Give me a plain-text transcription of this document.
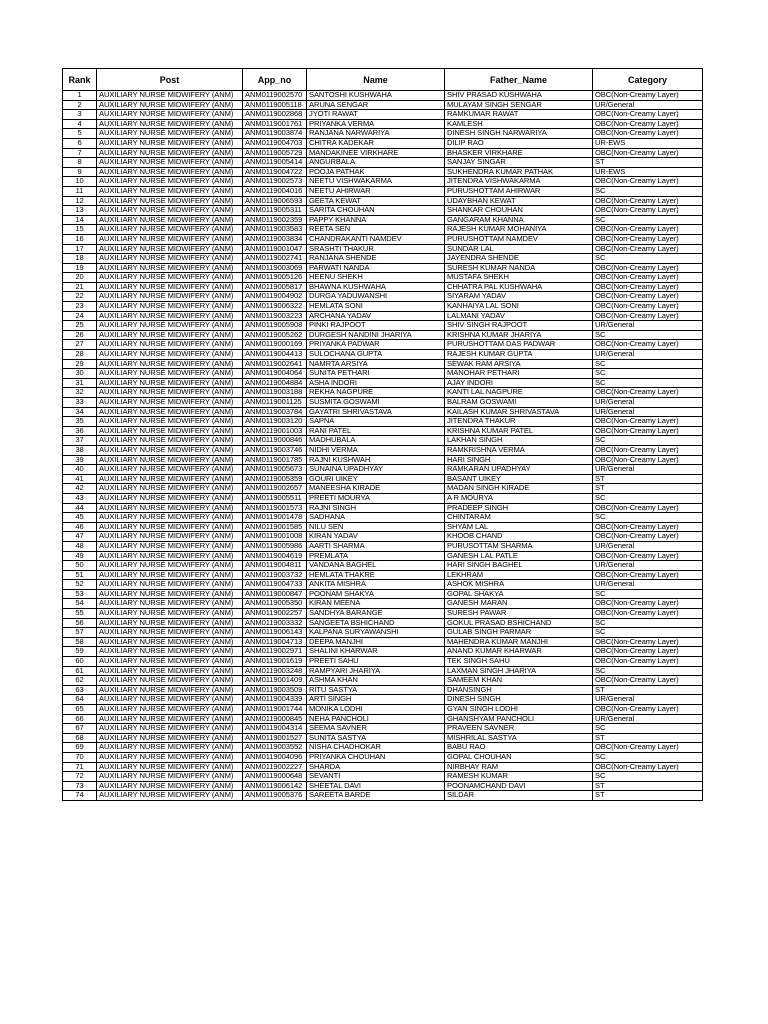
Rank	Post	App_no	Name	Father_Name	Category
1	AUXILIARY NURSE MIDWIFERY (ANM)	ANM0119002570	SANTOSHI KUSHWAHA	SHIV PRASAD KUSHWAHA	OBC(Non-Creamy Layer)
2	AUXILIARY NURSE MIDWIFERY (ANM)	ANM0119005118	ARUNA SENGAR	MULAYAM SINGH SENGAR	UR/General
3	AUXILIARY NURSE MIDWIFERY (ANM)	ANM0119002868	JYOTI RAWAT	RAMKUMAR RAWAT	OBC(Non-Creamy Layer)
4	AUXILIARY NURSE MIDWIFERY (ANM)	ANM0119001761	PRIYANKA VERMA	KAMLESH	OBC(Non-Creamy Layer)
5	AUXILIARY NURSE MIDWIFERY (ANM)	ANM0119003874	RANJANA NARWARIYA	DINESH SINGH NARWARIYA	OBC(Non-Creamy Layer)
6	AUXILIARY NURSE MIDWIFERY (ANM)	ANM0119004703	CHITRA KADEKAR	DILIP RAO	UR-EWS
7	AUXILIARY NURSE MIDWIFERY (ANM)	ANM0119005729	MANDAKINEE VIRKHARE	BHASKER VIRKHARE	OBC(Non-Creamy Layer)
8	AUXILIARY NURSE MIDWIFERY (ANM)	ANM0119005414	ANGURBALA	SANJAY SINGAR	ST
9	AUXILIARY NURSE MIDWIFERY (ANM)	ANM0119004722	POOJA PATHAK	SUKHENDRA KUMAR PATHAK	UR-EWS
10	AUXILIARY NURSE MIDWIFERY (ANM)	ANM0119002573	NEETU VISHWAKARMA	JITENDRA VISHWAKARMA	OBC(Non-Creamy Layer)
11	AUXILIARY NURSE MIDWIFERY (ANM)	ANM0119004016	NEETU AHIRWAR	PURUSHOTTAM AHIRWAR	SC
12	AUXILIARY NURSE MIDWIFERY (ANM)	ANM0119006593	GEETA KEWAT	UDAYBHAN KEWAT	OBC(Non-Creamy Layer)
13	AUXILIARY NURSE MIDWIFERY (ANM)	ANM0119005311	SARITA CHOUHAN	SHANKAR CHOUHAN	OBC(Non-Creamy Layer)
14	AUXILIARY NURSE MIDWIFERY (ANM)	ANM0119002359	PAPPY KHANNA	GANGARAM KHANNA	SC
15	AUXILIARY NURSE MIDWIFERY (ANM)	ANM0119003583	REETA SEN	RAJESH KUMAR MOHANIYA	OBC(Non-Creamy Layer)
16	AUXILIARY NURSE MIDWIFERY (ANM)	ANM0119003834	CHANDRAKANTI NAMDEV	PURUSHOTTAM NAMDEV	OBC(Non-Creamy Layer)
17	AUXILIARY NURSE MIDWIFERY (ANM)	ANM0119001047	SRASHTI THAKUR	SUNDAR LAL	OBC(Non-Creamy Layer)
18	AUXILIARY NURSE MIDWIFERY (ANM)	ANM0119002741	RANJANA SHENDE	JAYENDRA SHENDE	SC
19	AUXILIARY NURSE MIDWIFERY (ANM)	ANM0119003069	PARWATI NANDA	SURESH KUMAR NANDA	OBC(Non-Creamy Layer)
20	AUXILIARY NURSE MIDWIFERY (ANM)	ANM0119005126	HEENU SHEKH	MUSTAFA SHEKH	OBC(Non-Creamy Layer)
21	AUXILIARY NURSE MIDWIFERY (ANM)	ANM0119005817	BHAWNA KUSHWAHA	CHHATRA PAL KUSHWAHA	OBC(Non-Creamy Layer)
22	AUXILIARY NURSE MIDWIFERY (ANM)	ANM0119004902	DURGA YADUWANSHI	SIYARAM YADAV	OBC(Non-Creamy Layer)
23	AUXILIARY NURSE MIDWIFERY (ANM)	ANM0119006322	HEMLATA SONI	KANHAIYA LAL SONI	OBC(Non-Creamy Layer)
24	AUXILIARY NURSE MIDWIFERY (ANM)	ANM0119003223	ARCHANA YADAV	LALMANI YADAV	OBC(Non-Creamy Layer)
25	AUXILIARY NURSE MIDWIFERY (ANM)	ANM0119005908	PINKI RAJPOOT	SHIV SINGH RAJPOOT	UR/General
26	AUXILIARY NURSE MIDWIFERY (ANM)	ANM0119005262	DURGESH NANDINI JHARIYA	KRISHNA KUMAR JHARIYA	SC
27	AUXILIARY NURSE MIDWIFERY (ANM)	ANM0119000169	PRIYANKA PADWAR	PURUSHOTTAM DAS PADWAR	OBC(Non-Creamy Layer)
28	AUXILIARY NURSE MIDWIFERY (ANM)	ANM0119004413	SULOCHANA GUPTA	RAJESH KUMAR GUPTA	UR/General
29	AUXILIARY NURSE MIDWIFERY (ANM)	ANM0119002641	NAMRTA ARSIYA	SEWAK RAM ARSIYA	SC
30	AUXILIARY NURSE MIDWIFERY (ANM)	ANM0119004064	SUNITA PETHARI	MANOHAR PETHARI	SC
31	AUXILIARY NURSE MIDWIFERY (ANM)	ANM0119004884	ASHA INDORI	AJAY INDORI	SC
32	AUXILIARY NURSE MIDWIFERY (ANM)	ANM0119003188	REKHA NAGPURE	KANTI LAL NAGPURE	OBC(Non-Creamy Layer)
33	AUXILIARY NURSE MIDWIFERY (ANM)	ANM0119001125	SUSMITA GOSWAMI	BALRAM GOSWAMI	UR/General
34	AUXILIARY NURSE MIDWIFERY (ANM)	ANM0119003784	GAYATRI SHRIVASTAVA	KAILASH KUMAR SHRIVASTAVA	UR/General
35	AUXILIARY NURSE MIDWIFERY (ANM)	ANM0119003120	SAPNA	JITENDRA THAKUR	OBC(Non-Creamy Layer)
36	AUXILIARY NURSE MIDWIFERY (ANM)	ANM0119001003	RANI PATEL	KRISHNA KUMAR PATEL	OBC(Non-Creamy Layer)
37	AUXILIARY NURSE MIDWIFERY (ANM)	ANM0119000846	MADHUBALA	LAKHAN SINGH	SC
38	AUXILIARY NURSE MIDWIFERY (ANM)	ANM0119003746	NIDHI VERMA	RAMKRISHNA VERMA	OBC(Non-Creamy Layer)
39	AUXILIARY NURSE MIDWIFERY (ANM)	ANM0119001785	RAJNI KUSHWAH	HARI SINGH	OBC(Non-Creamy Layer)
40	AUXILIARY NURSE MIDWIFERY (ANM)	ANM0119005673	SUNAINA UPADHYAY	RAMKARAN UPADHYAY	UR/General
41	AUXILIARY NURSE MIDWIFERY (ANM)	ANM0119005359	GOURI UIKEY	BASANT UIKEY	ST
42	AUXILIARY NURSE MIDWIFERY (ANM)	ANM0119002657	MANEESHA KIRADE	MADAN SINGH KIRADE	ST
43	AUXILIARY NURSE MIDWIFERY (ANM)	ANM0119005511	PREETI MOURYA	A R MOURYA	SC
44	AUXILIARY NURSE MIDWIFERY (ANM)	ANM0119001573	RAJNI SINGH	PRADEEP SINGH	OBC(Non-Creamy Layer)
45	AUXILIARY NURSE MIDWIFERY (ANM)	ANM0119001478	SADHANA	CHINTARAM	SC
46	AUXILIARY NURSE MIDWIFERY (ANM)	ANM0119001585	NILU SEN	SHYAM LAL	OBC(Non-Creamy Layer)
47	AUXILIARY NURSE MIDWIFERY (ANM)	ANM0119001008	KIRAN YADAV	KHOOB CHAND	OBC(Non-Creamy Layer)
48	AUXILIARY NURSE MIDWIFERY (ANM)	ANM0119005986	AARTI SHARMA	PURUSOTTAM SHARMA	UR/General
49	AUXILIARY NURSE MIDWIFERY (ANM)	ANM0119004619	PREMLATA	GANESH LAL PATLE	OBC(Non-Creamy Layer)
50	AUXILIARY NURSE MIDWIFERY (ANM)	ANM0119004811	VANDANA BAGHEL	HARI SINGH BAGHEL	UR/General
51	AUXILIARY NURSE MIDWIFERY (ANM)	ANM0119003732	HEMLATA THAKRE	LEKHRAM	OBC(Non-Creamy Layer)
52	AUXILIARY NURSE MIDWIFERY (ANM)	ANM0119004733	ANKITA MISHRA	ASHOK MISHRA	UR/General
53	AUXILIARY NURSE MIDWIFERY (ANM)	ANM0119000847	POONAM SHAKYA	GOPAL SHAKYA	SC
54	AUXILIARY NURSE MIDWIFERY (ANM)	ANM0119005350	KIRAN MEENA	GANESH MARAN	OBC(Non-Creamy Layer)
55	AUXILIARY NURSE MIDWIFERY (ANM)	ANM0119002257	SANDHYA BARANGE	SURESH PAWAR	OBC(Non-Creamy Layer)
56	AUXILIARY NURSE MIDWIFERY (ANM)	ANM0119003332	SANGEETA BSHICHAND	GOKUL PRASAD BSHICHAND	SC
57	AUXILIARY NURSE MIDWIFERY (ANM)	ANM0119006143	KALPANA SURYAWANSHI	GULAB SINGH PARMAR	SC
58	AUXILIARY NURSE MIDWIFERY (ANM)	ANM0119004713	DEEPA MANJHI	MAHENDRA KUMAR MANJHI	OBC(Non-Creamy Layer)
59	AUXILIARY NURSE MIDWIFERY (ANM)	ANM0119002971	SHALINI KHARWAR	ANAND KUMAR KHARWAR	OBC(Non-Creamy Layer)
60	AUXILIARY NURSE MIDWIFERY (ANM)	ANM0119001619	PREETI SAHU	TEK SINGH SAHU	OBC(Non-Creamy Layer)
61	AUXILIARY NURSE MIDWIFERY (ANM)	ANM0119003248	RAMPYARI JHARIYA	LAXMAN SINGH JHARIYA	SC
62	AUXILIARY NURSE MIDWIFERY (ANM)	ANM0119001409	ASHMA KHAN	SAMEEM KHAN	OBC(Non-Creamy Layer)
63	AUXILIARY NURSE MIDWIFERY (ANM)	ANM0119003509	RITU SASTYA	DHANSINGH	ST
64	AUXILIARY NURSE MIDWIFERY (ANM)	ANM0119004339	ARTI SINGH	DINESH SINGH	UR/General
65	AUXILIARY NURSE MIDWIFERY (ANM)	ANM0119001744	MONIKA LODHI	GYAN SINGH LODHI	OBC(Non-Creamy Layer)
66	AUXILIARY NURSE MIDWIFERY (ANM)	ANM0119000845	NEHA PANCHOLI	GHANSHYAM PANCHOLI	UR/General
67	AUXILIARY NURSE MIDWIFERY (ANM)	ANM0119004314	SEEMA SAVNER	PRAVEEN SAVNER	SC
68	AUXILIARY NURSE MIDWIFERY (ANM)	ANM0119001527	SUNITA SASTYA	MISHRILAL SASTYA	ST
69	AUXILIARY NURSE MIDWIFERY (ANM)	ANM0119003552	NISHA CHADHOKAR	BABU RAO	OBC(Non-Creamy Layer)
70	AUXILIARY NURSE MIDWIFERY (ANM)	ANM0119004096	PRIYANKA CHOUHAN	GOPAL CHOUHAN	SC
71	AUXILIARY NURSE MIDWIFERY (ANM)	ANM0119002227	SHARDA	NIRBHAY RAM	OBC(Non-Creamy Layer)
72	AUXILIARY NURSE MIDWIFERY (ANM)	ANM0119000648	SEVANTI	RAMESH KUMAR	SC
73	AUXILIARY NURSE MIDWIFERY (ANM)	ANM0119006142	SHEETAL DAVI	POONAMCHAND DAVI	ST
74	AUXILIARY NURSE MIDWIFERY (ANM)	ANM0119005376	SAREETA BARDE	SILDAR	ST
